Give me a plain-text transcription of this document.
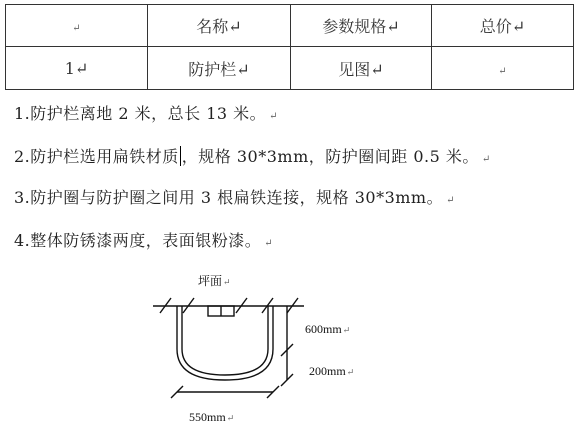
↵	名称↵	参数规格↵	总价↵
1↵	防护栏↵	见图↵	↵
1.防护栏离地 2 米，总长 13 米。 ↵
2.防护栏选用扁铁材质 ，规格 30*3mm，防护圈间距 0.5 米。 ↵
3.防护圈与防护圈之间用 3 根扁铁连接，规格 30*3mm。 ↵
4.整体防锈漆两度，表面银粉漆。 ↵
坪面↵
600mm↵
200mm↵
550mm↵
